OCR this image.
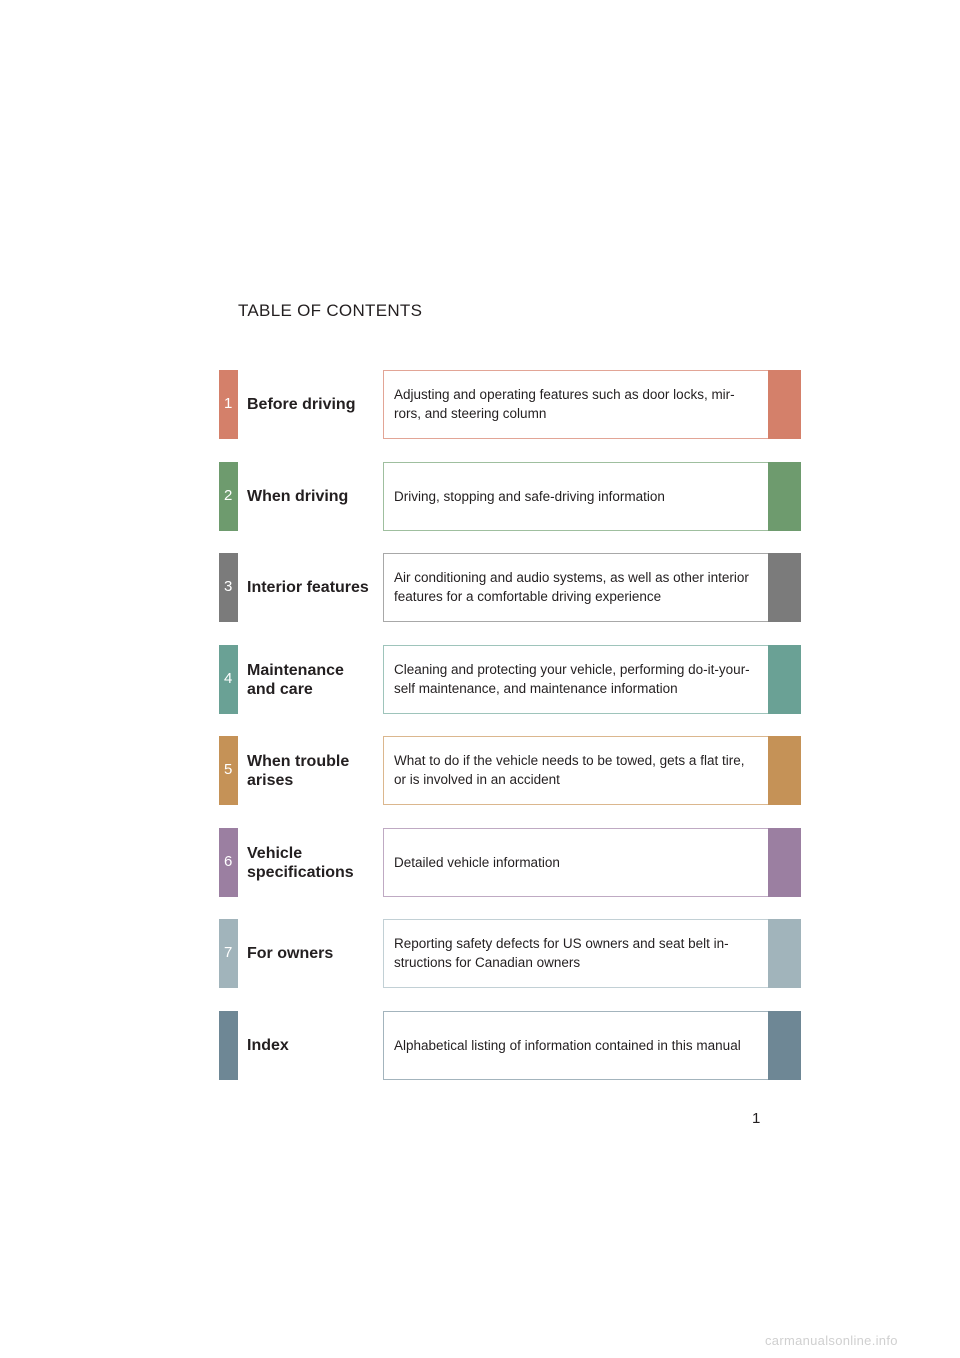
TABLE OF CONTENTS
1 Before driving
Adjusting and operating features such as door locks, mir-
rors, and steering column
2 When driving	Driving, stopping and safe-driving information
3 Interior features
Air conditioning and audio systems, as well as other interior
features for a comfortable driving experience
4 Maintenance
and care
Cleaning and protecting your vehicle, performing do-it-your-
self maintenance, and maintenance information
5 When trouble
arises
What to do if the vehicle needs to be towed, gets a flat tire,
or is involved in an accident
6 Vehicle
specifications
Detailed vehicle information
7 For owners
Reporting safety defects for US owners and seat belt in-
structions for Canadian owners
Index	Alphabetical listing of information contained in this manual
1
carmanualsonline.info
